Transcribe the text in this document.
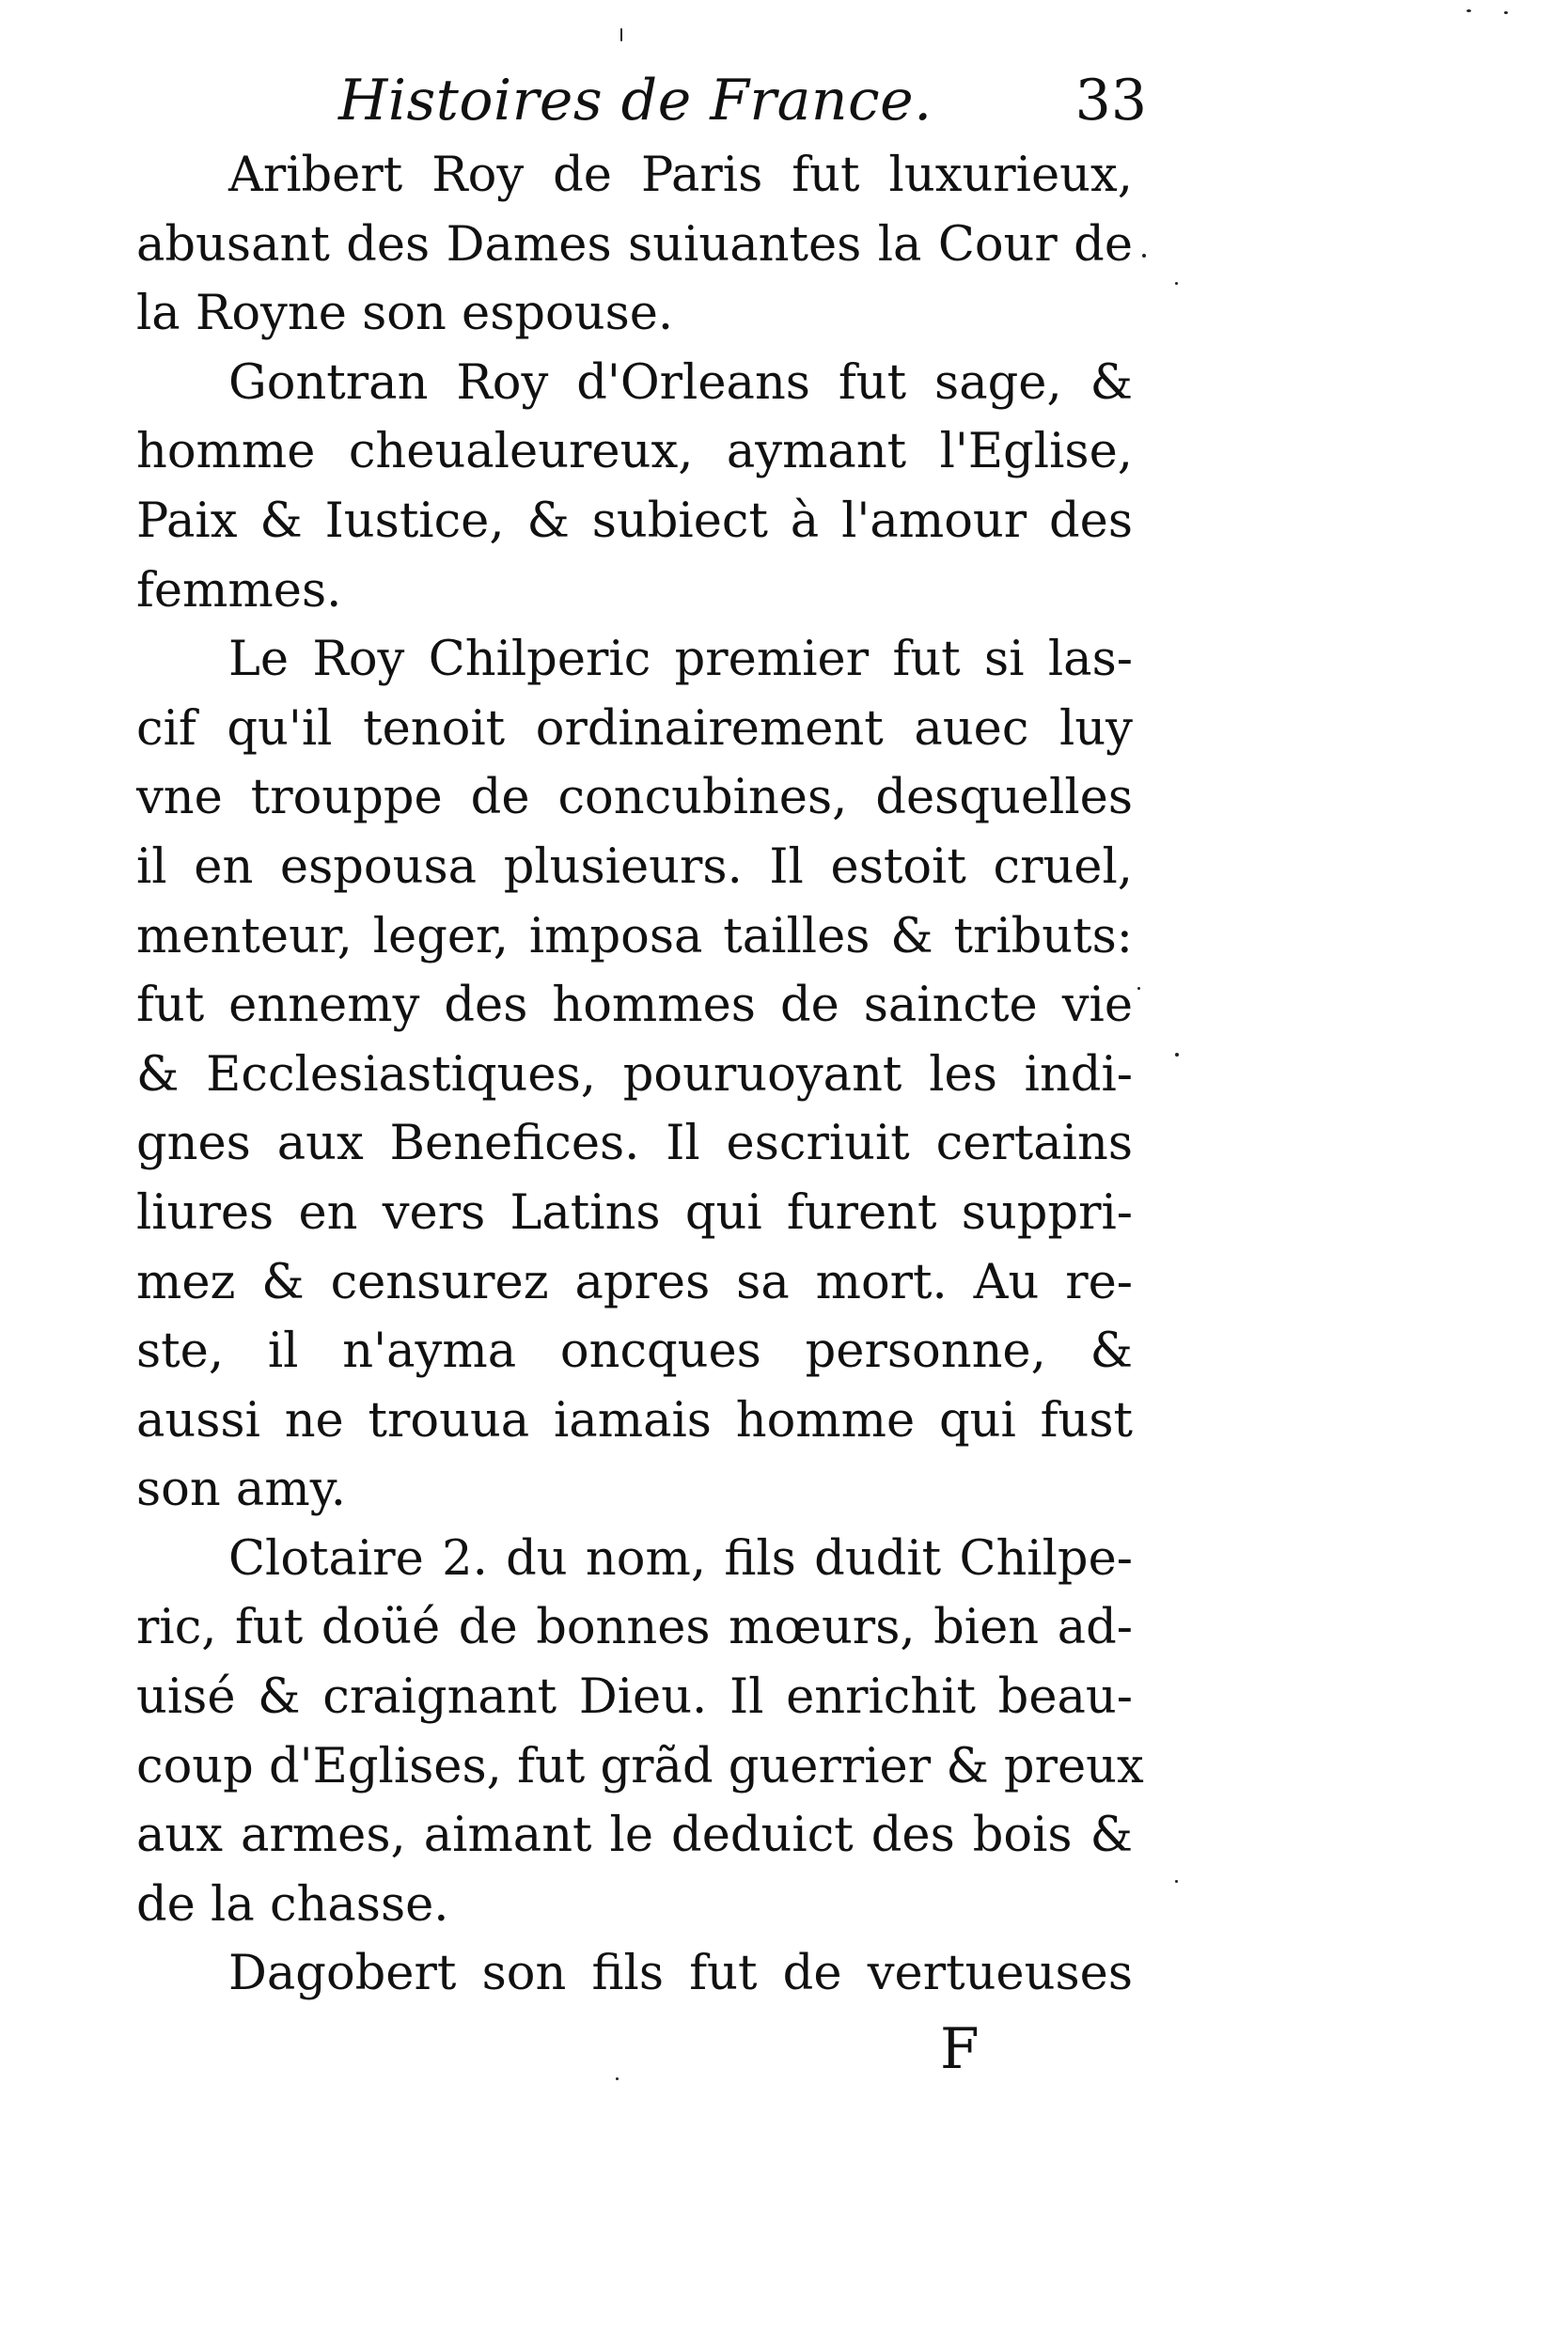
Histoires de France.	33
Aribert Roy de Paris fut luxurieux,
abusant des Dames suiuantes la Cour de
la Royne son espouse.
Gontran Roy d'Orleans fut sage, &
homme cheualeureux, aymant l'Eglise,
Paix & Iustice, & subiect à l'amour des
femmes.
Le Roy Chilperic premier fut si las-
cif qu'il tenoit ordinairement auec luy
vne trouppe de concubines, desquelles
il en espousa plusieurs. Il estoit cruel,
menteur, leger, imposa tailles & tributs:
fut ennemy des hommes de saincte vie
& Ecclesiastiques, pouruoyant les indi-
gnes aux Benefices. Il escriuit certains
liures en vers Latins qui furent suppri-
mez & censurez apres sa mort. Au re-
ste, il n'ayma oncques personne, &
aussi ne trouua iamais homme qui fust
son amy.
Clotaire 2. du nom, fils dudit Chilpe-
ric, fut doüé de bonnes mœurs, bien ad-
uisé & craignant Dieu. Il enrichit beau-
coup d'Eglises, fut grãd guerrier & preux
aux armes, aimant le deduict des bois &
de la chasse.
Dagobert son fils fut de vertueuses
F
